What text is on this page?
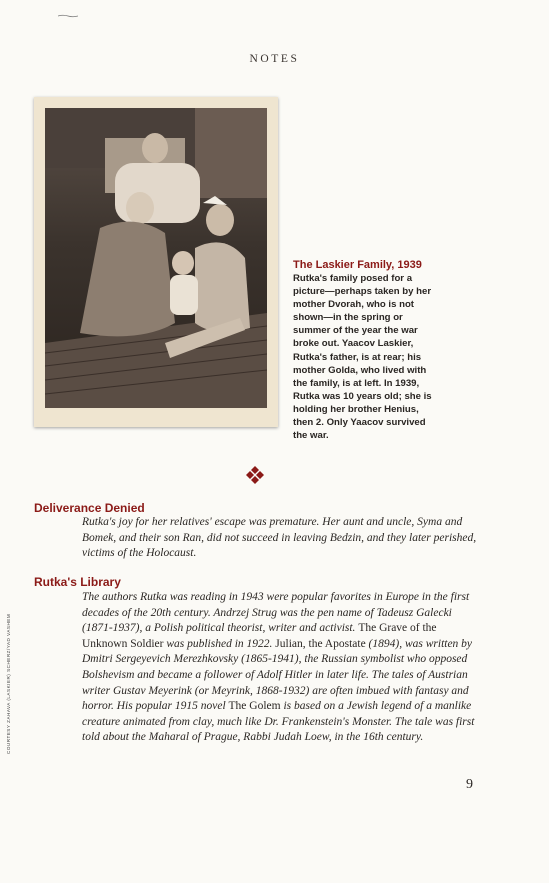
NOTES
The Laskier Family, 1939
Rutka's family posed for a picture—perhaps taken by her mother Dvorah, who is not shown—in the spring or summer of the year the war broke out. Yaacov Laskier, Rutka's father, is at rear; his mother Golda, who lived with the family, is at left. In 1939, Rutka was 10 years old; she is holding her brother Henius, then 2. Only Yaacov survived the war.
Deliverance Denied
Rutka's joy for her relatives' escape was premature. Her aunt and uncle, Syma and Bomek, and their son Ran, did not succeed in leaving Bedzin, and they later perished, victims of the Holocaust.
Rutka's Library
The authors Rutka was reading in 1943 were popular favorites in Europe in the first decades of the 20th century. Andrzej Strug was the pen name of Tadeusz Galecki (1871-1937), a Polish political theorist, writer and activist. The Grave of the Unknown Soldier was published in 1922. Julian, the Apostate (1894), was written by Dmitri Sergeyevich Merezhkovsky (1865-1941), the Russian symbolist who opposed Bolshevism and became a follower of Adolf Hitler in later life. The tales of Austrian writer Gustav Meyerink (or Meyrink, 1868-1932) are often imbued with fantasy and horror. His popular 1915 novel The Golem is based on a Jewish legend of a manlike creature animated from clay, much like Dr. Frankenstein's Monster. The tale was first told about the Maharal of Prague, Rabbi Judah Loew, in the 16th century.
COURTESY ZAHAVA (LASKIER) SCHERZ/YAD VASHEM
9
